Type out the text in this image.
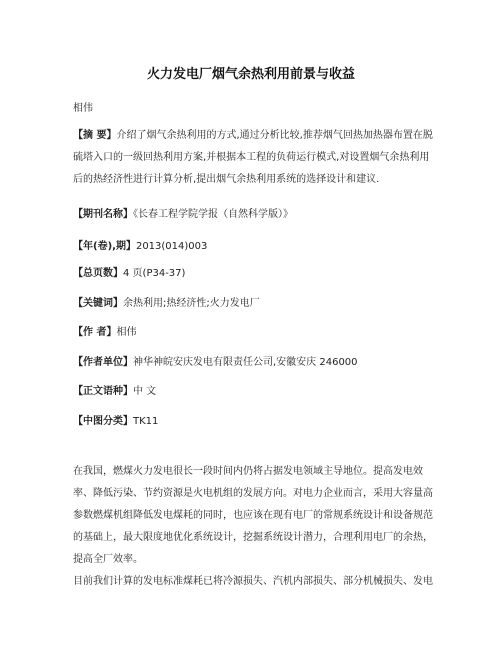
火力发电厂烟气余热利用前景与收益
相伟

【摘 要】介绍了烟气余热利用的方式,通过分析比较,推荐烟气回热加热器布置在脱硫塔入口的一级回热利用方案,并根据本工程的负荷运行模式,对设置烟气余热利用后的热经济性进行计算分析,提出烟气余热利用系统的选择设计和建议.

【期刊名称】《长春工程学院学报（自然科学版）》
【年(卷),期】2013(014)003
【总页数】4 页(P34-37)
【关键词】余热利用;热经济性;火力发电厂
【作 者】相伟
【作者单位】神华神皖安庆发电有限责任公司,安徽安庆 246000
【正文语种】中 文
【中图分类】TK11

在我国，燃煤火力发电很长一段时间内仍将占据发电领域主导地位。提高发电效率、降低污染、节约资源是火电机组的发展方向。对电力企业而言，采用大容量高参数燃煤机组降低发电煤耗的同时，也应该在现有电厂的常规系统设计和设备规范的基础上，最大限度地优化系统设计，挖掘系统设计潜力，合理利用电厂的余热，提高全厂效率。

目前我们计算的发电标准煤耗已将冷源损失、汽机内部损失、部分机械损失、发电
